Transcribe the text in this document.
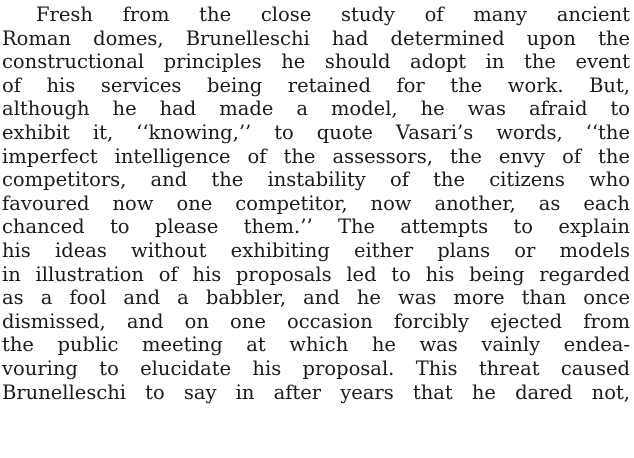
Fresh from the close study of many ancient
Roman domes, Brunelleschi had determined upon the
constructional principles he should adopt in the event
of his services being retained for the work. But,
although he had made a model, he was afraid to
exhibit it, ‘‘knowing,’’ to quote Vasari’s words, ‘‘the
imperfect intelligence of the assessors, the envy of the
competitors, and the instability of the citizens who
favoured now one competitor, now another, as each
chanced to please them.’’ The attempts to explain
his ideas without exhibiting either plans or models
in illustration of his proposals led to his being regarded
as a fool and a babbler, and he was more than once
dismissed, and on one occasion forcibly ejected from
the public meeting at which he was vainly endea-
vouring to elucidate his proposal. This threat caused
Brunelleschi to say in after years that he dared not,
